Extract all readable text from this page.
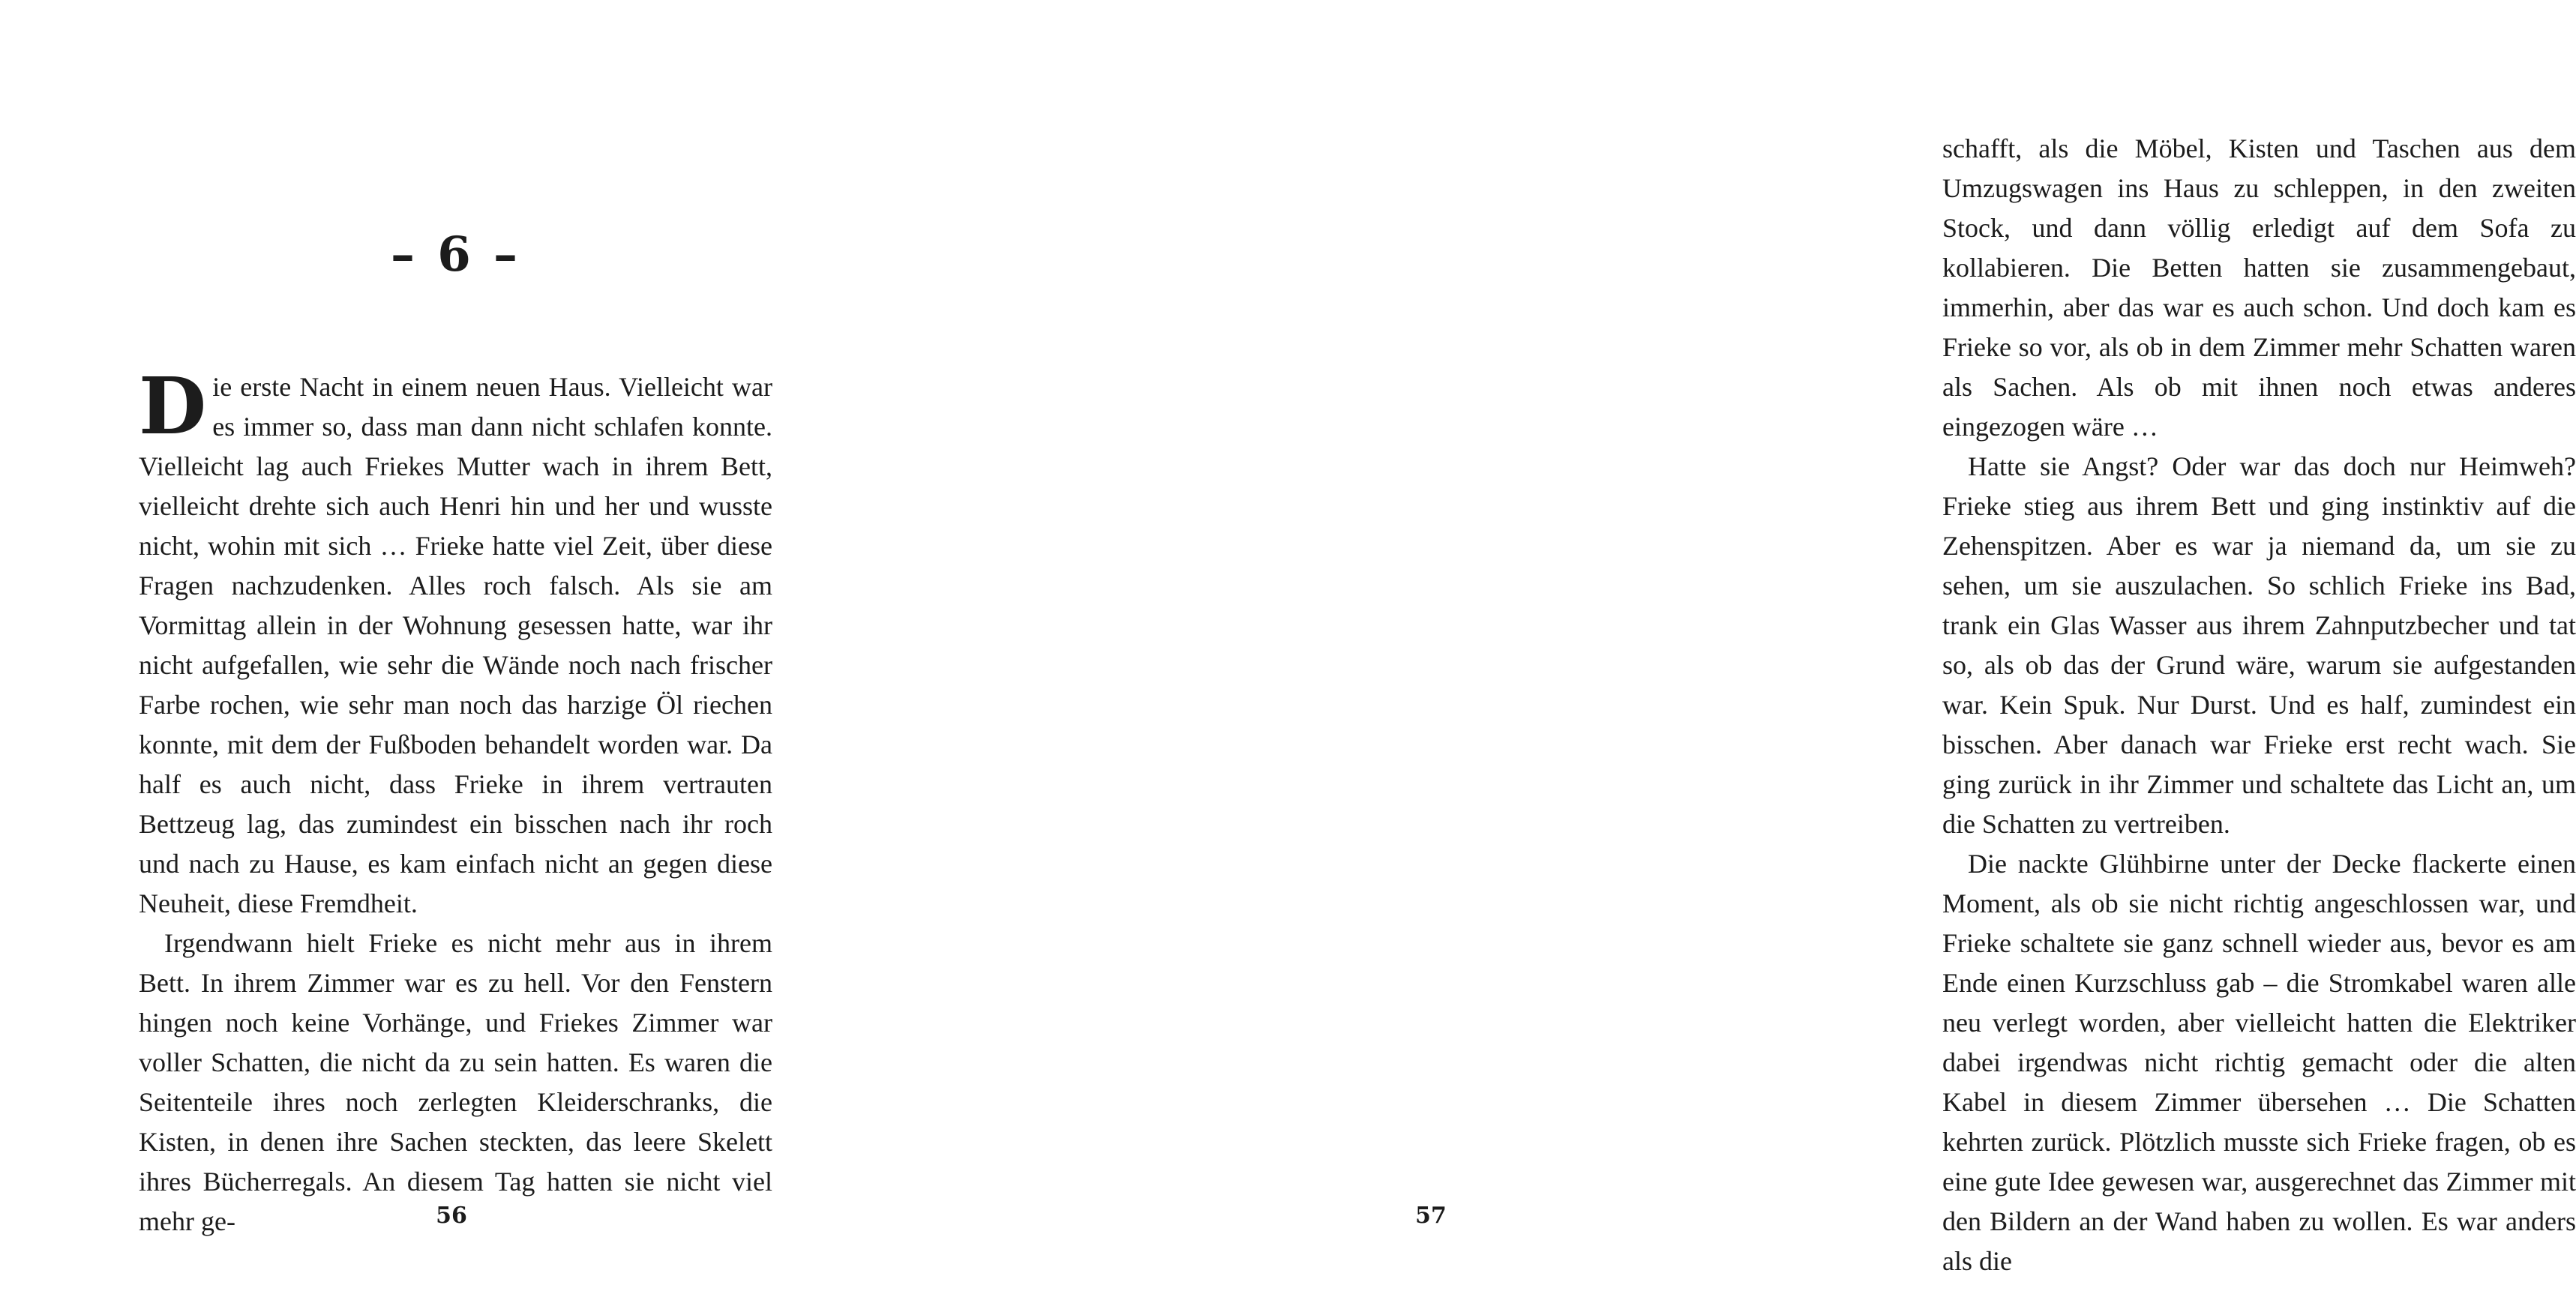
– 6 –

Die erste Nacht in einem neuen Haus. Vielleicht war es immer so, dass man dann nicht schlafen konnte. Vielleicht lag auch Friekes Mutter wach in ihrem Bett, vielleicht drehte sich auch Henri hin und her und wusste nicht, wohin mit sich … Frieke hatte viel Zeit, über diese Fragen nachzudenken. Alles roch falsch. Als sie am Vormittag allein in der Wohnung gesessen hatte, war ihr nicht aufgefallen, wie sehr die Wände noch nach frischer Farbe rochen, wie sehr man noch das harzige Öl riechen konnte, mit dem der Fußboden behandelt worden war. Da half es auch nicht, dass Frieke in ihrem vertrauten Bettzeug lag, das zumindest ein bisschen nach ihr roch und nach zu Hause, es kam einfach nicht an gegen diese Neuheit, diese Fremdheit.

Irgendwann hielt Frieke es nicht mehr aus in ihrem Bett. In ihrem Zimmer war es zu hell. Vor den Fenstern hingen noch keine Vorhänge, und Friekes Zimmer war voller Schatten, die nicht da zu sein hatten. Es waren die Seitenteile ihres noch zerlegten Kleiderschranks, die Kisten, in denen ihre Sachen steckten, das leere Skelett ihres Bücherregals. An diesem Tag hatten sie nicht viel mehr ge-	56

schafft, als die Möbel, Kisten und Taschen aus dem Umzugswagen ins Haus zu schleppen, in den zweiten Stock, und dann völlig erledigt auf dem Sofa zu kollabieren. Die Betten hatten sie zusammengebaut, immerhin, aber das war es auch schon. Und doch kam es Frieke so vor, als ob in dem Zimmer mehr Schatten waren als Sachen. Als ob mit ihnen noch etwas anderes eingezogen wäre …

Hatte sie Angst? Oder war das doch nur Heimweh? Frieke stieg aus ihrem Bett und ging instinktiv auf die Zehenspitzen. Aber es war ja niemand da, um sie zu sehen, um sie auszulachen. So schlich Frieke ins Bad, trank ein Glas Wasser aus ihrem Zahnputzbecher und tat so, als ob das der Grund wäre, warum sie aufgestanden war. Kein Spuk. Nur Durst. Und es half, zumindest ein bisschen. Aber danach war Frieke erst recht wach. Sie ging zurück in ihr Zimmer und schaltete das Licht an, um die Schatten zu vertreiben.

Die nackte Glühbirne unter der Decke flackerte einen Moment, als ob sie nicht richtig angeschlossen war, und Frieke schaltete sie ganz schnell wieder aus, bevor es am Ende einen Kurzschluss gab – die Stromkabel waren alle neu verlegt worden, aber vielleicht hatten die Elektriker dabei irgendwas nicht richtig gemacht oder die alten Kabel in diesem Zimmer übersehen … Die Schatten kehrten zurück. Plötzlich musste sich Frieke fragen, ob es eine gute Idee gewesen war, ausgerechnet das Zimmer mit den Bildern an der Wand haben zu wollen. Es war anders als die

57
